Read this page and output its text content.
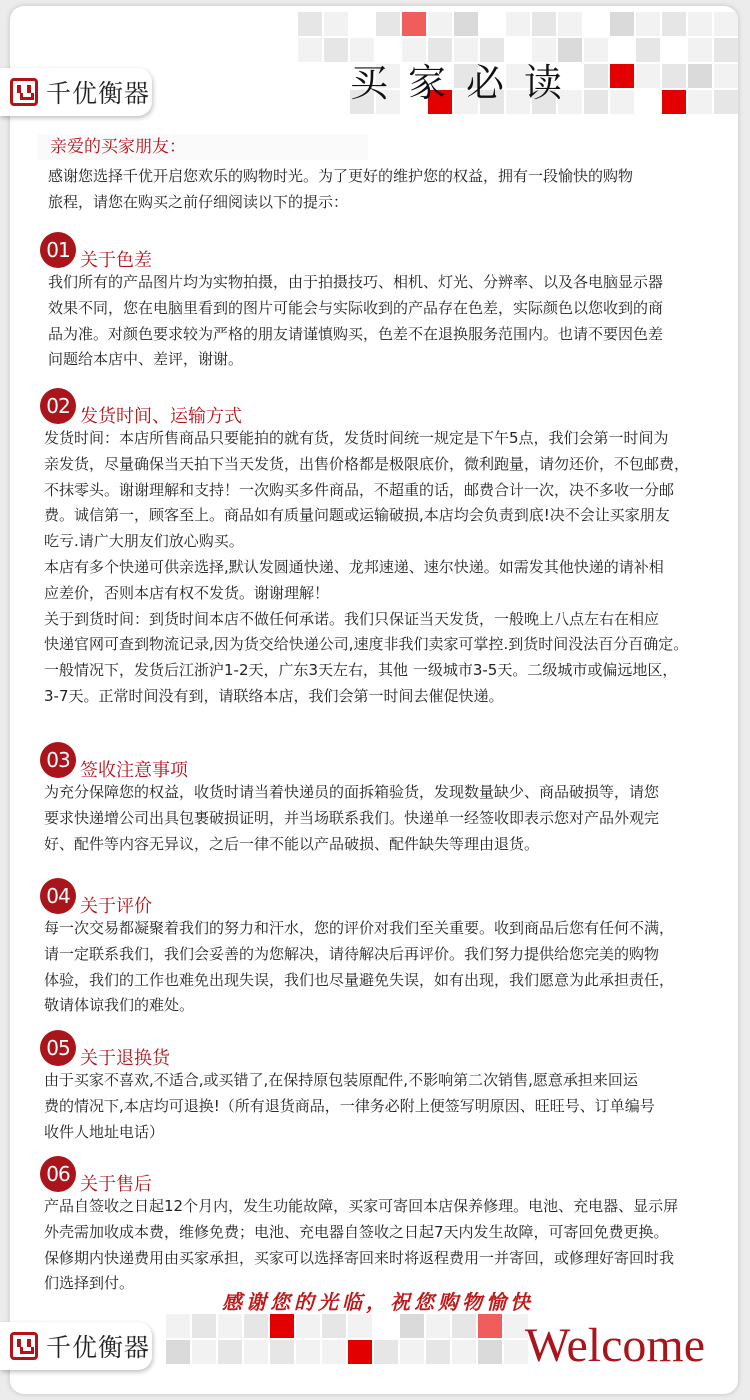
买家必读
亲爱的买家朋友：

感谢您选择千优开启您欢乐的购物时光。为了更好的维护您的权益，拥有一段愉快的购物
旅程，请您在购买之前仔细阅读以下的提示：

01 关于色差
我们所有的产品图片均为实物拍摄，由于拍摄技巧、相机、灯光、分辨率、以及各电脑显示器
效果不同，您在电脑里看到的图片可能会与实际收到的产品存在色差，实际颜色以您收到的商
品为准。对颜色要求较为严格的朋友请谨慎购买，色差不在退换服务范围内。也请不要因色差
问题给本店中、差评，谢谢。
02 发货时间、运输方式
发货时间：本店所售商品只要能拍的就有货，发货时间统一规定是下午5点，我们会第一时间为
亲发货，尽量确保当天拍下当天发货，出售价格都是极限底价，微利跑量，请勿还价，不包邮费，
不抹零头。谢谢理解和支持！一次购买多件商品，不超重的话，邮费合计一次，决不多收一分邮
费。诚信第一，顾客至上。商品如有质量问题或运输破损,本店均会负责到底!决不会让买家朋友
吃亏.请广大朋友们放心购买。
本店有多个快递可供亲选择,默认发圆通快递、龙邦速递、速尔快递。如需发其他快递的请补相
应差价，否则本店有权不发货。谢谢理解！
关于到货时间：到货时间本店不做任何承诺。我们只保证当天发货，一般晚上八点左右在相应
快递官网可查到物流记录,因为货交给快递公司,速度非我们卖家可掌控.到货时间没法百分百确定。
一般情况下，发货后江浙沪1-2天，广东3天左右，其他 一级城市3-5天。二级城市或偏远地区，
3-7天。正常时间没有到，请联络本店，我们会第一时间去催促快递。
03 签收注意事项
为充分保障您的权益，收货时请当着快递员的面拆箱验货，发现数量缺少、商品破损等，请您
要求快递增公司出具包裹破损证明，并当场联系我们。快递单一经签收即表示您对产品外观完
好、配件等内容无异议，之后一律不能以产品破损、配件缺失等理由退货。
04 关于评价
每一次交易都凝聚着我们的努力和汗水，您的评价对我们至关重要。收到商品后您有任何不满，
请一定联系我们，我们会妥善的为您解决，请待解决后再评价。我们努力提供给您完美的购物
体验，我们的工作也难免出现失误，我们也尽量避免失误，如有出现，我们愿意为此承担责任，
敬请体谅我们的难处。
05 关于退换货
由于买家不喜欢,不适合,或买错了,在保持原包装原配件,不影响第二次销售,愿意承担来回运
费的情况下,本店均可退换!（所有退货商品，一律务必附上便签写明原因、旺旺号、订单编号
收件人地址电话）
06 关于售后
产品自签收之日起12个月内，发生功能故障，买家可寄回本店保养修理。电池、充电器、显示屏
外壳需加收成本费，维修免费；电池、充电器自签收之日起7天内发生故障，可寄回免费更换。
保修期内快递费用由买家承担，买家可以选择寄回来时将返程费用一并寄回，或修理好寄回时我
们选择到付。
感谢您的光临，祝您购物愉快
Welcome
千优衡器
千优衡器
